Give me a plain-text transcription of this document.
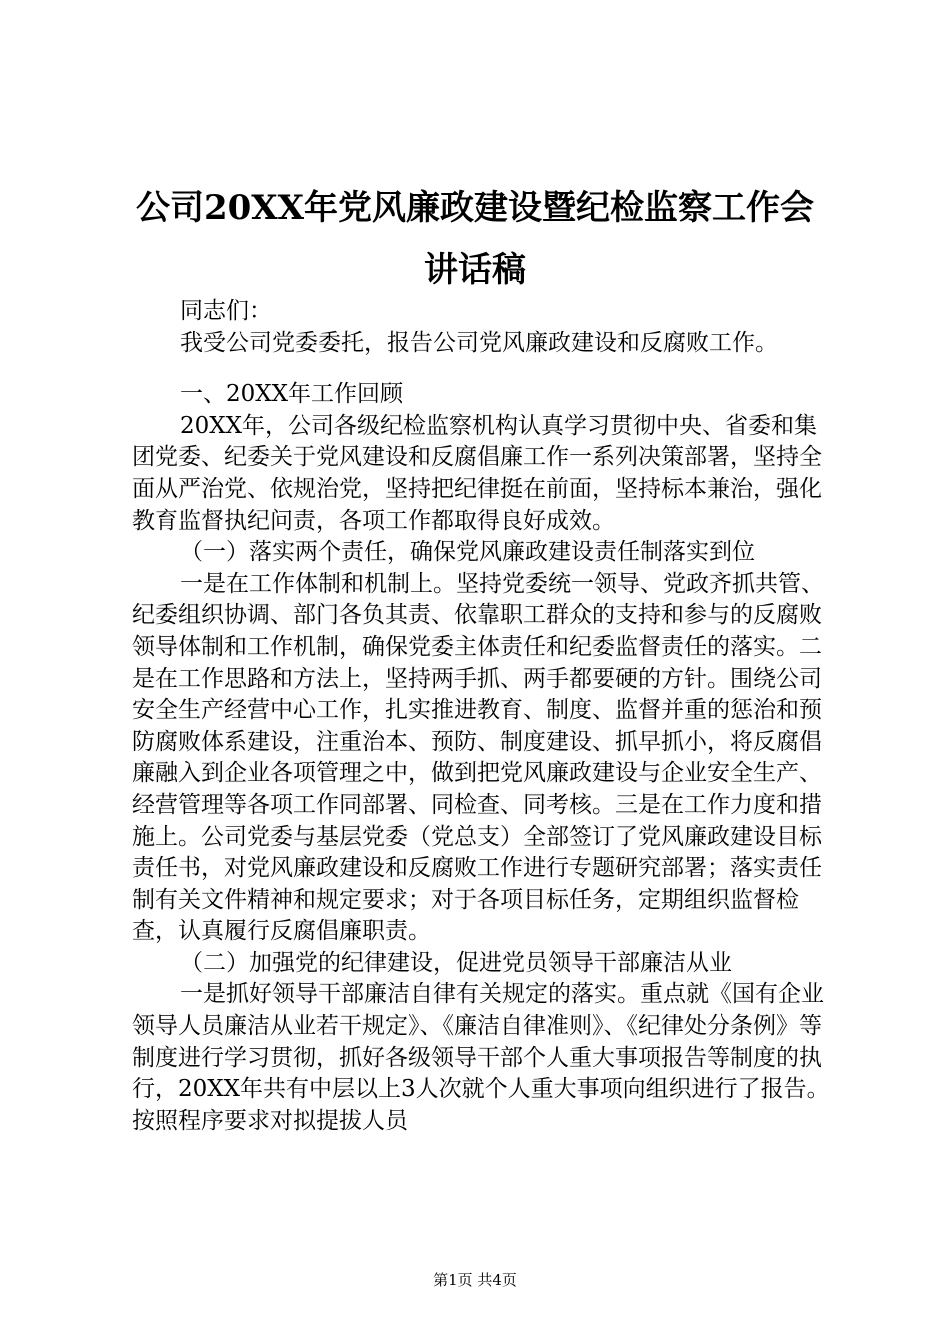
公司20XX年党风廉政建设暨纪检监察工作会
讲话稿

同志们：

我受公司党委委托，报告公司党风廉政建设和反腐败工作。

一、20XX年工作回顾

20XX年，公司各级纪检监察机构认真学习贯彻中央、省委和集团党委、纪委关于党风建设和反腐倡廉工作一系列决策部署，坚持全面从严治党、依规治党，坚持把纪律挺在前面，坚持标本兼治，强化教育监督执纪问责，各项工作都取得良好成效。

（一）落实两个责任，确保党风廉政建设责任制落实到位

一是在工作体制和机制上。坚持党委统一领导、党政齐抓共管、纪委组织协调、部门各负其责、依靠职工群众的支持和参与的反腐败领导体制和工作机制，确保党委主体责任和纪委监督责任的落实。二是在工作思路和方法上，坚持两手抓、两手都要硬的方针。围绕公司安全生产经营中心工作，扎实推进教育、制度、监督并重的惩治和预防腐败体系建设，注重治本、预防、制度建设、抓早抓小，将反腐倡廉融入到企业各项管理之中，做到把党风廉政建设与企业安全生产、经营管理等各项工作同部署、同检查、同考核。三是在工作力度和措施上。公司党委与基层党委（党总支）全部签订了党风廉政建设目标责任书，对党风廉政建设和反腐败工作进行专题研究部署；落实责任制有关文件精神和规定要求；对于各项目标任务，定期组织监督检查，认真履行反腐倡廉职责。

（二）加强党的纪律建设，促进党员领导干部廉洁从业

一是抓好领导干部廉洁自律有关规定的落实。重点就《国有企业领导人员廉洁从业若干规定》、《廉洁自律准则》、《纪律处分条例》等制度进行学习贯彻，抓好各级领导干部个人重大事项报告等制度的执行，20XX年共有中层以上3人次就个人重大事项向组织进行了报告。按照程序要求对拟提拔人员

第1页 共4页
